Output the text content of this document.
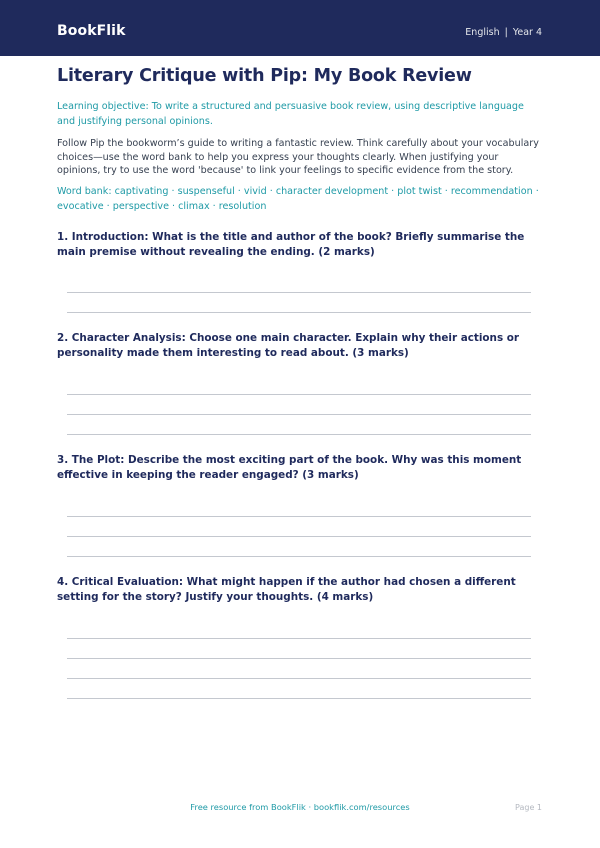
BookFlik	English | Year 4
Literary Critique with Pip: My Book Review
Learning objective: To write a structured and persuasive book review, using descriptive language and justifying personal opinions.
Follow Pip the bookworm’s guide to writing a fantastic review. Think carefully about your vocabulary choices—use the word bank to help you express your thoughts clearly. When justifying your opinions, try to use the word 'because' to link your feelings to specific evidence from the story.
Word bank: captivating · suspenseful · vivid · character development · plot twist · recommendation · evocative · perspective · climax · resolution
1. Introduction: What is the title and author of the book? Briefly summarise the main premise without revealing the ending. (2 marks)
2. Character Analysis: Choose one main character. Explain why their actions or personality made them interesting to read about. (3 marks)
3. The Plot: Describe the most exciting part of the book. Why was this moment effective in keeping the reader engaged? (3 marks)
4. Critical Evaluation: What might happen if the author had chosen a different setting for the story? Justify your thoughts. (4 marks)
Free resource from BookFlik · bookflik.com/resources	Page 1
